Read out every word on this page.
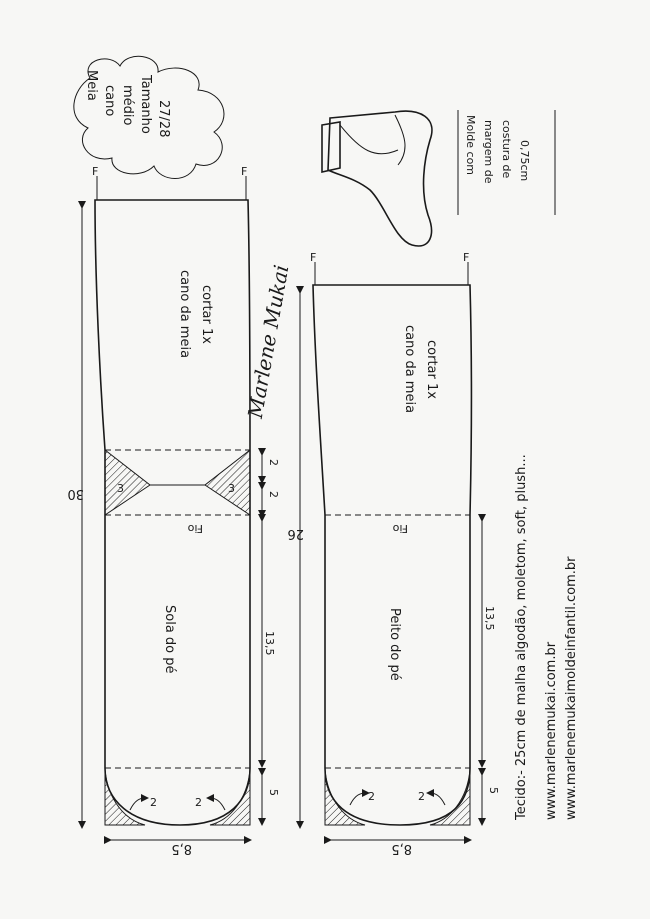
Meia cano médio Tamanho 27/28	Molde com margem de costura de 0,75cm
F	F
cano da meia cortar 1x
3	3
Fio
Sola do pé
2	2
30
2
2
13,5
5
8,5
Marlene Mukai
F	F
cano da meia cortar 1x
Fio
Peito do pé
2	2
26
13,5
5
8,5
Tecido:- 25cm de malha algodão, moletom, soft, plush... www.marlenemukai.com.br www.marlenemukaimoldeinfantil.com.br
